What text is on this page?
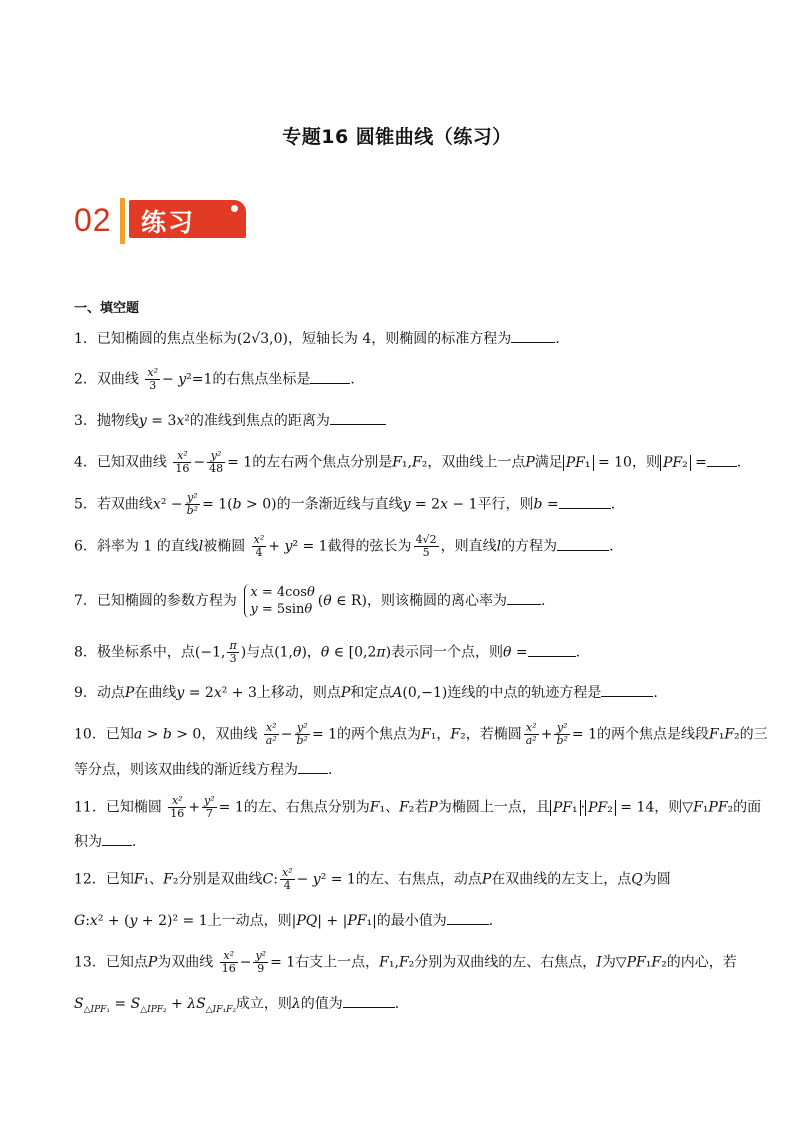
专题16 圆锥曲线（练习）
02 练习
一、填空题
1．已知椭圆的焦点坐标为(2√3,0)，短轴长为 4，则椭圆的标准方程为	．
2．双曲线 $\frac{\text{x²}}{3} - y^2=1$的右焦点坐标是	．
3．抛物线y = 3x²的准线到焦点的距离为
4．已知双曲线 $\frac{\text{x²}}{16} - \frac{\text{y²}}{48} = 1$的左右两个焦点分别是F₁,F₂，双曲线上一点P满足 PF₁ = 10，则 PF₂ = ．
5．若双曲线$x^2 - \frac{\text{y²}}{\text{b²}} = 1(b > 0)$的一条渐近线与直线y = 2x − 1平行，则b =	．
6．斜率为 1 的直线l被椭圆 $\frac{\text{x²}}{4} + y^2 = 1$截得的弦长为 $\frac{4√2}{5}$ ，则直线l的方程为	．
7．已知椭圆的参数方程为 x = 4cosθ
y = 5sinθ(θ ∈ R)，则该椭圆的离心率为 .
8．极坐标系中，点(−1, $\frac{\pi}{3}$ )与点(1,θ)，θ ∈ [0,2π)表示同一个点，则θ =	.
9．动点P在曲线y = 2x² + 3上移动，则点P和定点A(0,−1)连线的中点的轨迹方程是	.
10．已知a > b > 0，双曲线 $\frac{\text{x²}}{\text{a²}} - \frac{\text{y²}}{\text{b²}} = 1$的两个焦点为F₁，F₂，若椭圆 $\frac{\text{x²}}{\text{a²}} + \frac{\text{y²}}{\text{b²}} = 1$的两个焦点是线段F₁F₂的三
等分点，则该双曲线的渐近线方程为 .
11．已知椭圆 $\frac{\text{x²}}{16} + \frac{\text{y²}}{7} = 1$的左、右焦点分别为F₁、F₂若P为椭圆上一点，且 PF₁ · PF₂ = 14，则▽F₁PF₂的面
积为 .
12．已知F₁、F₂分别是双曲线C: $\frac{\text{x²}}{4} - y^2 = 1$的左、右焦点，动点P在双曲线的左支上，点Q为圆
G:x² + (y + 2)² = 1上一动点，则|PQ| + |PF₁|的最小值为	.
13．已知点P为双曲线 $\frac{\text{x²}}{16} - \frac{\text{y²}}{9} = 1$右支上一点，F₁,F₂分别为双曲线的左、右焦点，I为▽PF₁F₂的内心，若
$S_{\triangle IPF_1} = S_{\triangle IPF_2} + \lambda S_{\triangle IF_1F_2}$成立，则λ的值为	.
